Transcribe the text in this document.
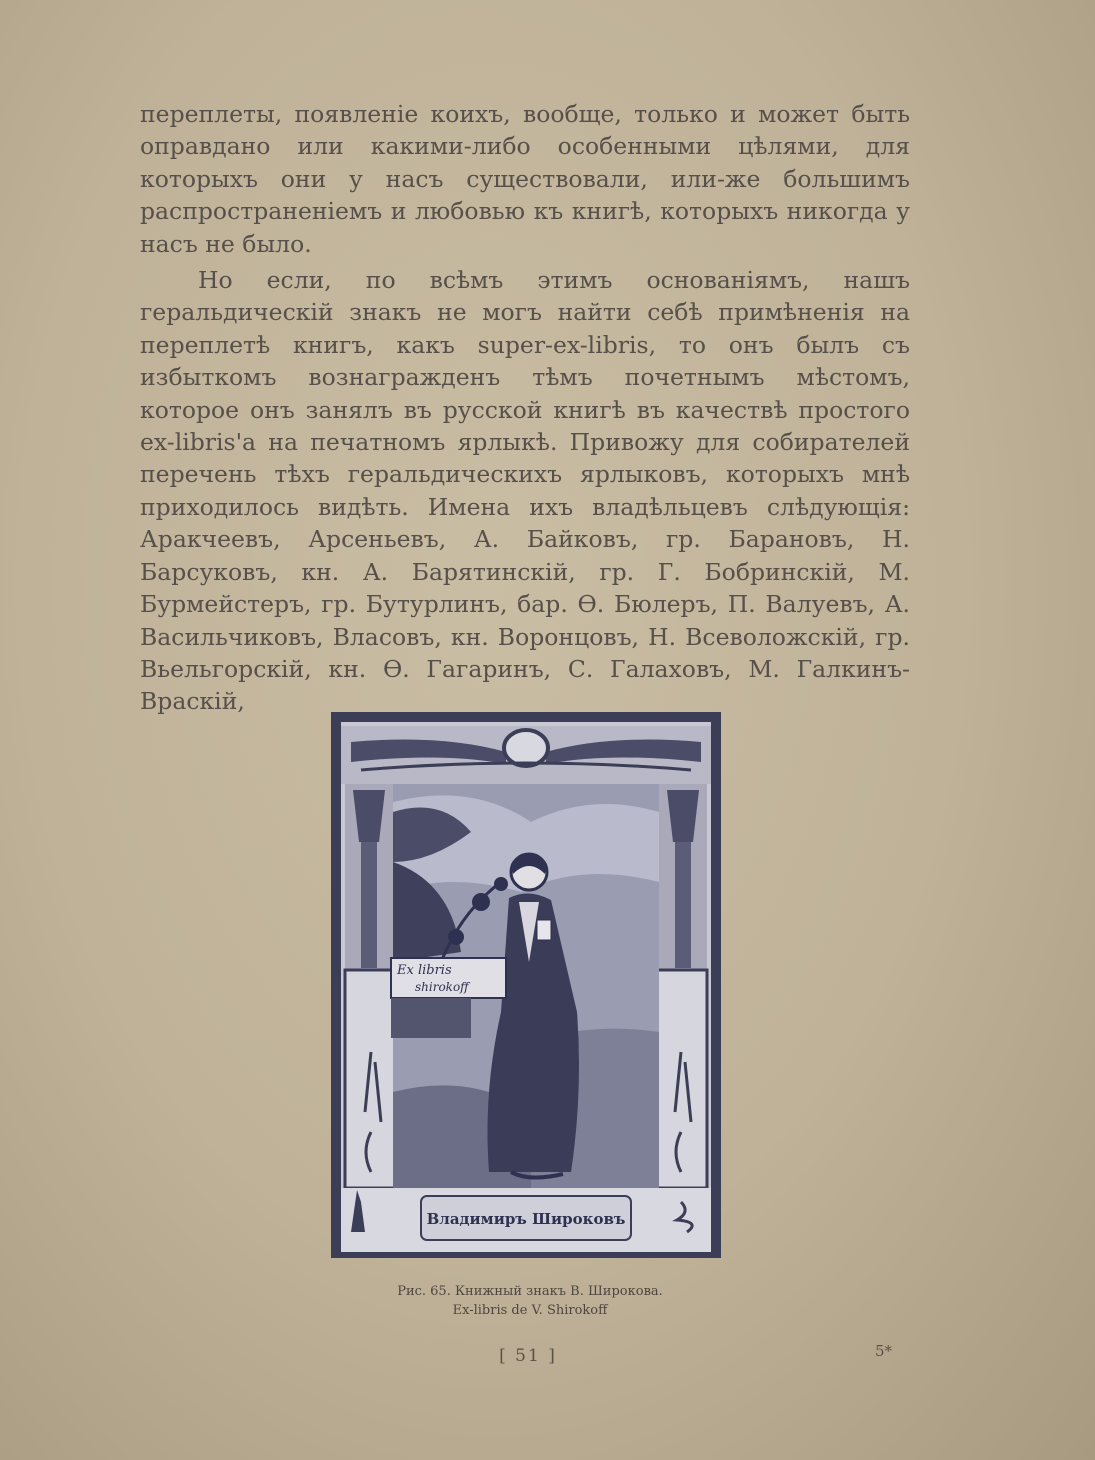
переплеты, появленіе коихъ, вообще, только и может быть оправдано или какими-либо особенными цѣлями, для которыхъ они у насъ существовали, или-же большимъ распространеніемъ и любовью къ книгѣ, которыхъ никогда у насъ не было.

Но если, по всѣмъ этимъ основаніямъ, нашъ геральдическій знакъ не могъ найти себѣ примѣненія на переплетѣ книгъ, какъ super-ex-libris, то онъ былъ съ избыткомъ вознагражденъ тѣмъ почетнымъ мѣстомъ, которое онъ занялъ въ русской книгѣ въ качествѣ простого ex-libris'а на печатномъ ярлыкѣ. Привожу для собирателей перечень тѣхъ геральдическихъ ярлыковъ, которыхъ мнѣ приходилось видѣть. Имена ихъ владѣльцевъ слѣдующія: Аракчеевъ, Арсеньевъ, А. Байковъ, гр. Барановъ, Н. Барсуковъ, кн. А. Барятинскій, гр. Г. Бобринскій, М. Бурмейстеръ, гр. Бутурлинъ, бар. Ѳ. Бюлеръ, П. Валуевъ, А. Васильчиковъ, Власовъ, кн. Воронцовъ, Н. Всеволожскій, гр. Вьельгорскій, кн. Ѳ. Гагаринъ, С. Галаховъ, М. Галкинъ-Враскій,

Ex libris
shirokoff
Владимиръ Широковъ
Рис. 65. Книжный знакъ В. Широкова.
Ex-libris de V. Shirokoff
[ 51 ]	5*
